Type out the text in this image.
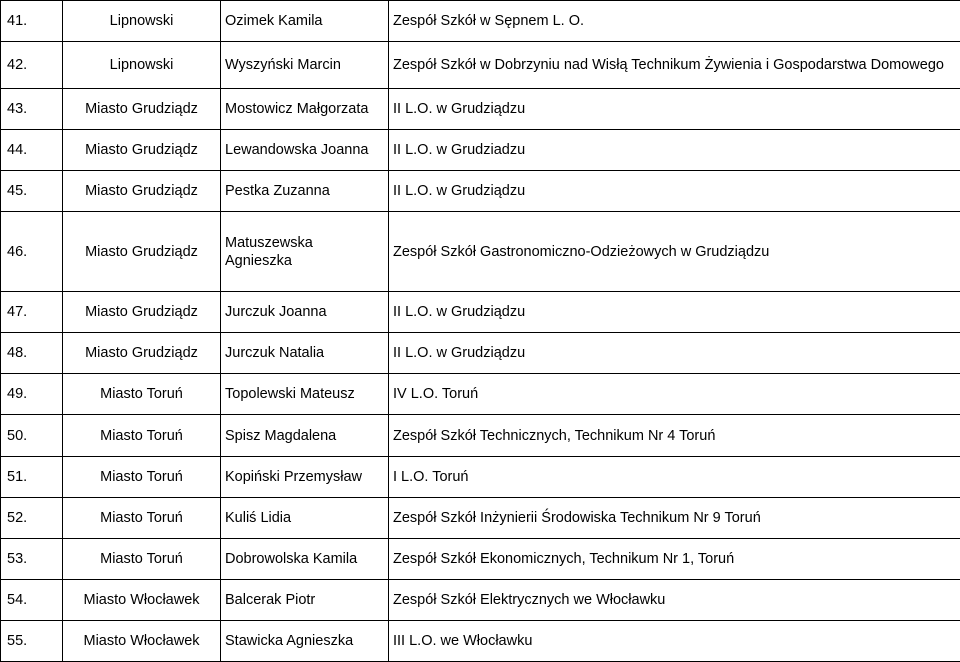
41.	Lipnowski	Ozimek Kamila	Zespół Szkół w Sępnem L. O.
42.	Lipnowski	Wyszyński Marcin	Zespół Szkół w Dobrzyniu nad Wisłą Technikum Żywienia i Gospodarstwa Domowego
43.	Miasto Grudziądz	Mostowicz Małgorzata	II L.O. w Grudziądzu
44.	Miasto Grudziądz	Lewandowska Joanna	II L.O. w Grudziadzu
45.	Miasto Grudziądz	Pestka Zuzanna	II L.O. w Grudziądzu
46.	Miasto Grudziądz	Matuszewska Agnieszka	Zespół Szkół Gastronomiczno-Odzieżowych w Grudziądzu
47.	Miasto Grudziądz	Jurczuk Joanna	II L.O. w Grudziądzu
48.	Miasto Grudziądz	Jurczuk Natalia	II L.O. w Grudziądzu
49.	Miasto Toruń	Topolewski Mateusz	IV L.O. Toruń
50.	Miasto Toruń	Spisz Magdalena	Zespół Szkół Technicznych, Technikum Nr 4 Toruń
51.	Miasto Toruń	Kopiński Przemysław	I L.O. Toruń
52.	Miasto Toruń	Kuliś Lidia	Zespół Szkół Inżynierii Środowiska Technikum Nr 9 Toruń
53.	Miasto Toruń	Dobrowolska Kamila	Zespół Szkół Ekonomicznych, Technikum Nr 1, Toruń
54.	Miasto Włocławek	Balcerak Piotr	Zespół Szkół Elektrycznych we Włocławku
55.	Miasto Włocławek	Stawicka Agnieszka	III L.O. we Włocławku
